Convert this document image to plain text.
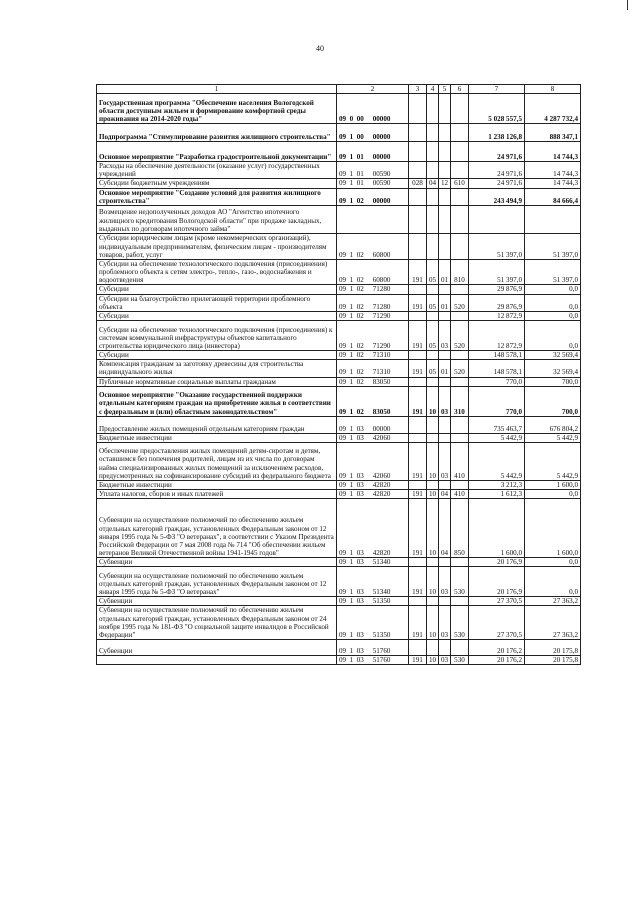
40
1	2	3	4	5	6	7	8
Государственная программа "Обеспечение населения Вологодской области доступным жильем и формирование комфортной среды проживания на 2014-2020 годы"	09  0  00     00000					5 028 557,5	4 287 732,4
Подпрограмма "Стимулирование развития жилищного строительства"	09  1  00     00000					1 238 126,8	888 347,1
Основное мероприятие "Разработка градостроительной документации"	09  1  01     00000					24 971,6	14 744,3
Расходы на обеспечение деятельности (оказание услуг) государственных учреждений	09  1  01     00590					24 971,6	14 744,3
Субсидии бюджетным учреждениям	09  1  01     00590	028	04	12	610	24 971,6	14 744,3
Основное мероприятие "Создание условий для развития жилищного строительства"	09  1  02     00000					243 494,9	84 666,4
Возмещение недополученных доходов АО "Агентство ипотечного жилищного кредитования Вологодской области" при продаже закладных, выданных по договорам ипотечного займа"							
Субсидии юридическим лицам (кроме некоммерческих организаций), индивидуальным предпринимателям, физическим лицам - производителям товаров, работ, услуг	09  1  02     60800					51 397,0	51 397,0
Субсидии на обеспечение технологического подключения (присоединения) проблемного объекта к сетям электро-, тепло-, газо-, водоснабжения и водоотведения	09  1  02     60800	191	05	01	810	51 397,0	51 397,0
Субсидии	09  1  02     71280					29 876,9	0,0
Субсидии на благоустройство прилегающей территории проблемного объекта	09  1  02     71280	191	05	01	520	29 876,9	0,0
Субсидии	09  1  02     71290					12 872,9	0,0
Субсидии на обеспечение технологического подключения (присоединения) к системам коммунальной инфраструктуры объектов капитального строительства юридического лица (инвестора)	09  1  02     71290	191	05	03	520	12 872,9	0,0
Субсидии	09  1  02     71310					148 578,1	32 569,4
Компенсация гражданам за заготовку древесины для строительства индивидуального жилья	09  1  02     71310	191	05	01	520	148 578,1	32 569,4
Публичные нормативные социальные выплаты гражданам	09  1  02     83050					770,0	700,0
Основное мероприятие "Оказание государственной поддержки отдельным категориям граждан на приобретение жилья в соответствии с федеральным и (или) областным законодательством"	09  1  02     83050	191	10	03	310	770,0	700,0
Предоставление жилых помещений отдельным категориям граждан	09  1  03     00000					735 463,7	676 804,2
Бюджетные инвестиции	09  1  03     42060					5 442,9	5 442,9
Обеспечение предоставления жилых помещений детям-сиротам и детям, оставшимся без попечения родителей, лицам из их числа по договорам найма специализированных жилых помещений за исключением расходов, предусмотренных на софинансирование субсидий из федерального бюджета	09  1  03     42060	191	10	03	410	5 442,9	5 442,9
Бюджетные инвестиции	09  1  03     42820					3 212,3	1 600,0
Уплата налогов, сборов и иных платежей	09  1  03     42820	191	10	04	410	1 612,3	0,0
Субвенции на осуществление полномочий по обеспечению жильем отдельных категорий граждан, установленных Федеральным законом от 12 января 1995 года № 5-ФЗ "О ветеранах", в соответствии с Указом Президента Российской Федерации от 7 мая 2008 года № 714 "Об обеспечении жильем ветеранов Великой Отечественной войны 1941-1945 годов"	09  1  03     42820	191	10	04	850	1 600,0	1 600,0
Субвенции	09  1  03     51340					20 176,9	0,0
Субвенции на осуществление полномочий по обеспечению жильем отдельных категорий граждан, установленных Федеральным законом от 12 января 1995 года № 5-ФЗ "О ветеранах"	09  1  03     51340	191	10	03	530	20 176,9	0,0
Субвенции	09  1  03     51350					27 370,5	27 363,2
Субвенции на осуществление полномочий по обеспечению жильем отдельных категорий граждан, установленных Федеральным законом от 24 ноября 1995 года № 181-ФЗ "О социальной защите инвалидов в Российской Федерации"	09  1  03     51350	191	10	03	530	27 370,5	27 363,2
Субвенции	09  1  03     51760					20 176,2	20 175,8
	09  1  03     51760	191	10	03	530	20 176,2	20 175,8
